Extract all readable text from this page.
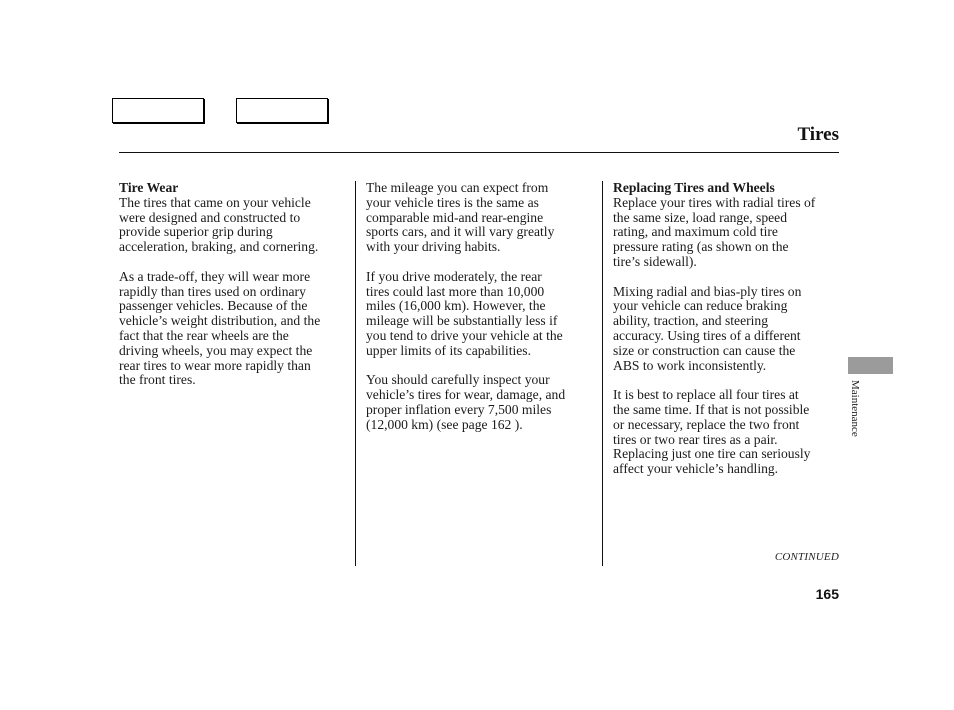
Tires
Tire Wear
The tires that came on your vehicle
were designed and constructed to
provide superior grip during
acceleration, braking, and cornering.
As a trade-off, they will wear more
rapidly than tires used on ordinary
passenger vehicles. Because of the
vehicle’s weight distribution, and the
fact that the rear wheels are the
driving wheels, you may expect the
rear tires to wear more rapidly than
the front tires.
The mileage you can expect from
your vehicle tires is the same as
comparable mid-and rear-engine
sports cars, and it will vary greatly
with your driving habits.
If you drive moderately, the rear
tires could last more than 10,000
miles (16,000 km). However, the
mileage will be substantially less if
you tend to drive your vehicle at the
upper limits of its capabilities.
You should carefully inspect your
vehicle’s tires for wear, damage, and
proper inflation every 7,500 miles
(12,000 km) (see page 162 ).
Replacing Tires and Wheels
Replace your tires with radial tires of
the same size, load range, speed
rating, and maximum cold tire
pressure rating (as shown on the
tire’s sidewall).
Mixing radial and bias-ply tires on
your vehicle can reduce braking
ability, traction, and steering
accuracy. Using tires of a different
size or construction can cause the
ABS to work inconsistently.
It is best to replace all four tires at
the same time. If that is not possible
or necessary, replace the two front
tires or two rear tires as a pair.
Replacing just one tire can seriously
affect your vehicle’s handling.
CONTINUED
165
Maintenance
